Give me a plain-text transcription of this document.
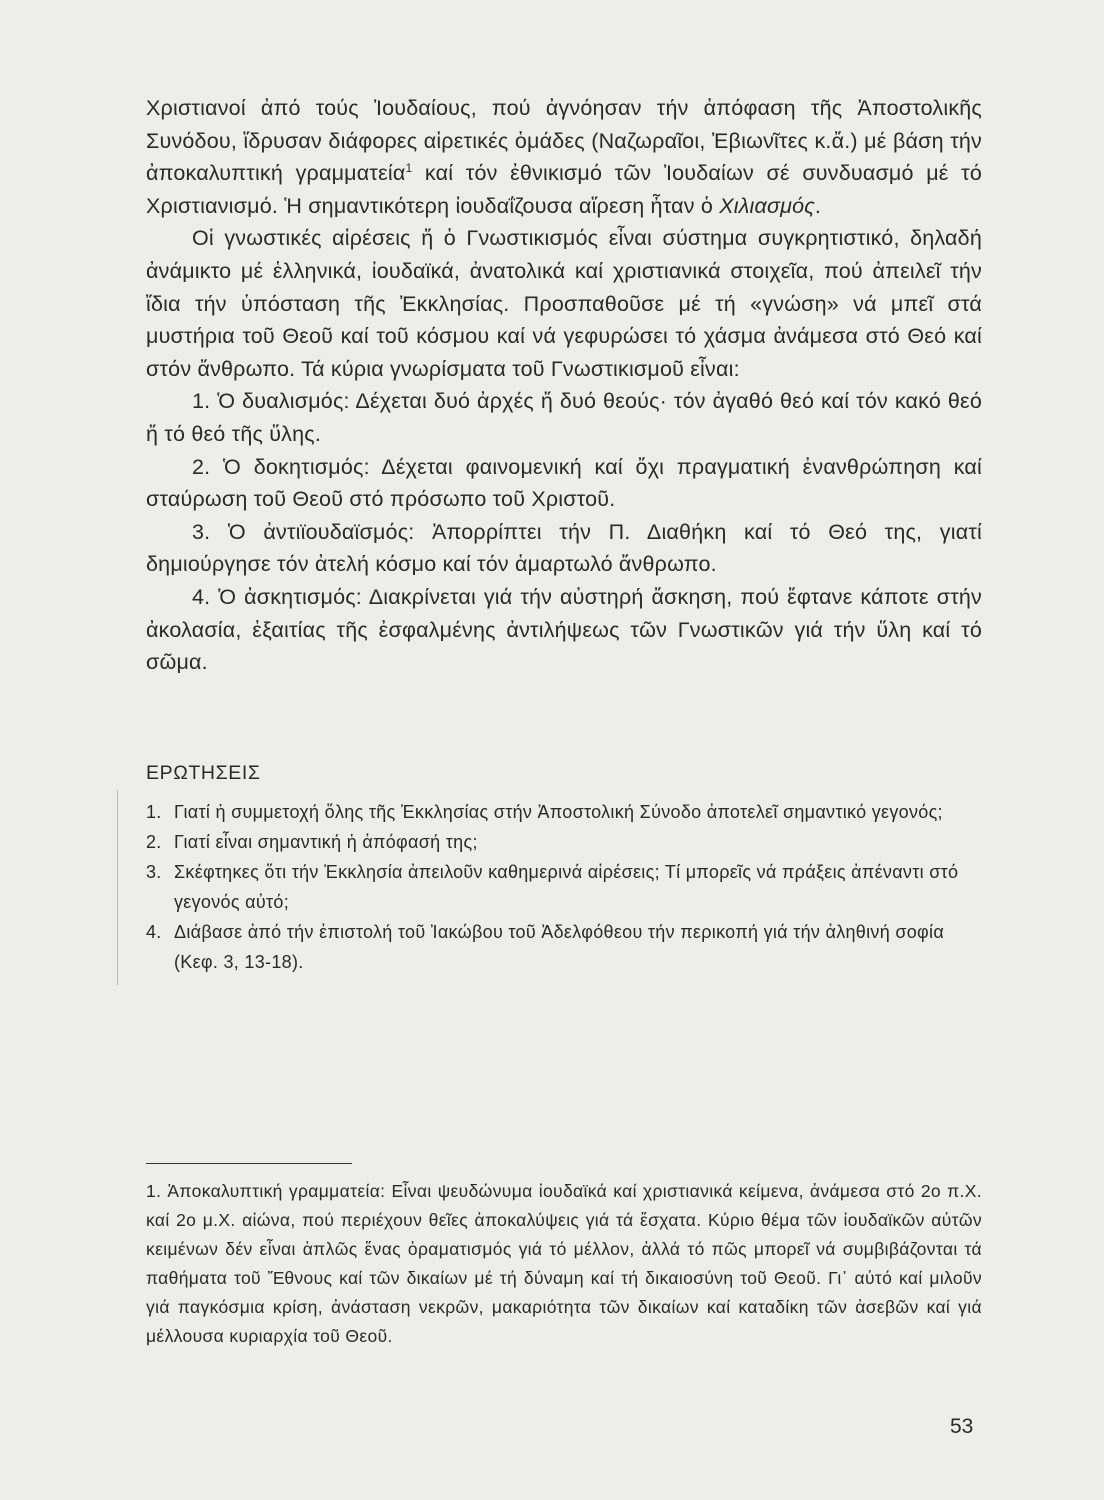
Χριστιανοί ἀπό τούς Ἰουδαίους, πού ἀγνόησαν τήν ἀπόφαση τῆς Ἀποστολικῆς Συνόδου, ἵδρυσαν διάφορες αἱρετικές ὁμάδες (Ναζωραῖοι, Ἐβιωνῖτες κ.ἄ.) μέ βάση τήν ἀποκαλυπτική γραμματεία$^1$ καί τόν ἐθνικισμό τῶν Ἰουδαίων σέ συνδυασμό μέ τό Χριστιανισμό. Ἡ σημαντικότερη ἰουδαΐζουσα αἵρεση ἦταν ὁ Χιλιασμός.

Οἱ γνωστικές αἱρέσεις ἤ ὁ Γνωστικισμός εἶναι σύστημα συγκρητιστικό, δηλαδή ἀνάμικτο μέ ἑλληνικά, ἰουδαϊκά, ἀνατολικά καί χριστιανικά στοιχεῖα, πού ἀπειλεῖ τήν ἴδια τήν ὑπόσταση τῆς Ἐκκλησίας. Προσπαθοῦσε μέ τή «γνώση» νά μπεῖ στά μυστήρια τοῦ Θεοῦ καί τοῦ κόσμου καί νά γεφυρώσει τό χάσμα ἀνάμεσα στό Θεό καί στόν ἄνθρωπο. Τά κύρια γνωρίσματα τοῦ Γνωστικισμοῦ εἶναι:

1. Ὁ δυαλισμός: Δέχεται δυό ἀρχές ἤ δυό θεούς· τόν ἀγαθό θεό καί τόν κακό θεό ἤ τό θεό τῆς ὕλης.

2. Ὁ δοκητισμός: Δέχεται φαινομενική καί ὄχι πραγματική ἐνανθρώπηση καί σταύρωση τοῦ Θεοῦ στό πρόσωπο τοῦ Χριστοῦ.

3. Ὁ ἀντιϊουδαϊσμός: Ἀπορρίπτει τήν Π. Διαθήκη καί τό Θεό της, γιατί δημιούργησε τόν ἀτελή κόσμο καί τόν ἁμαρτωλό ἄνθρωπο.

4. Ὁ ἀσκητισμός: Διακρίνεται γιά τήν αὐστηρή ἄσκηση, πού ἔφτανε κάποτε στήν ἀκολασία, ἐξαιτίας τῆς ἐσφαλμένης ἀντιλήψεως τῶν Γνωστικῶν γιά τήν ὕλη καί τό σῶμα.

ΕΡΩΤΗΣΕΙΣ
1. Γιατί ἡ συμμετοχή ὅλης τῆς Ἐκκλησίας στήν Ἀποστολική Σύνοδο ἀποτελεῖ σημαντικό γεγονός;
2. Γιατί εἶναι σημαντική ἡ ἀπόφασή της;
3. Σκέφτηκες ὅτι τήν Ἐκκλησία ἀπειλοῦν καθημερινά αἱρέσεις; Τί μπορεῖς νά πράξεις ἀπέναντι στό γεγονός αὐτό;
4. Διάβασε ἀπό τήν ἐπιστολή τοῦ Ἰακώβου τοῦ Ἀδελφόθεου τήν περικοπή γιά τήν ἀληθινή σοφία (Κεφ. 3, 13-18).

1. Ἀποκαλυπτική γραμματεία: Εἶναι ψευδώνυμα ἰουδαϊκά καί χριστιανικά κείμενα, ἀνάμεσα στό 2ο π.Χ. καί 2ο μ.Χ. αἰώνα, πού περιέχουν θεῖες ἀποκαλύψεις γιά τά ἔσχατα. Κύριο θέμα τῶν ἰουδαϊκῶν αὐτῶν κειμένων δέν εἶναι ἁπλῶς ἕνας ὁραματισμός γιά τό μέλλον, ἀλλά τό πῶς μπορεῖ νά συμβιβάζονται τά παθήματα τοῦ Ἔθνους καί τῶν δικαίων μέ τή δύναμη καί τή δικαιοσύνη τοῦ Θεοῦ. Γι᾽ αὐτό καί μιλοῦν γιά παγκόσμια κρίση, ἀνάσταση νεκρῶν, μακαριότητα τῶν δικαίων καί καταδίκη τῶν ἀσεβῶν καί γιά μέλλουσα κυριαρχία τοῦ Θεοῦ.

53
